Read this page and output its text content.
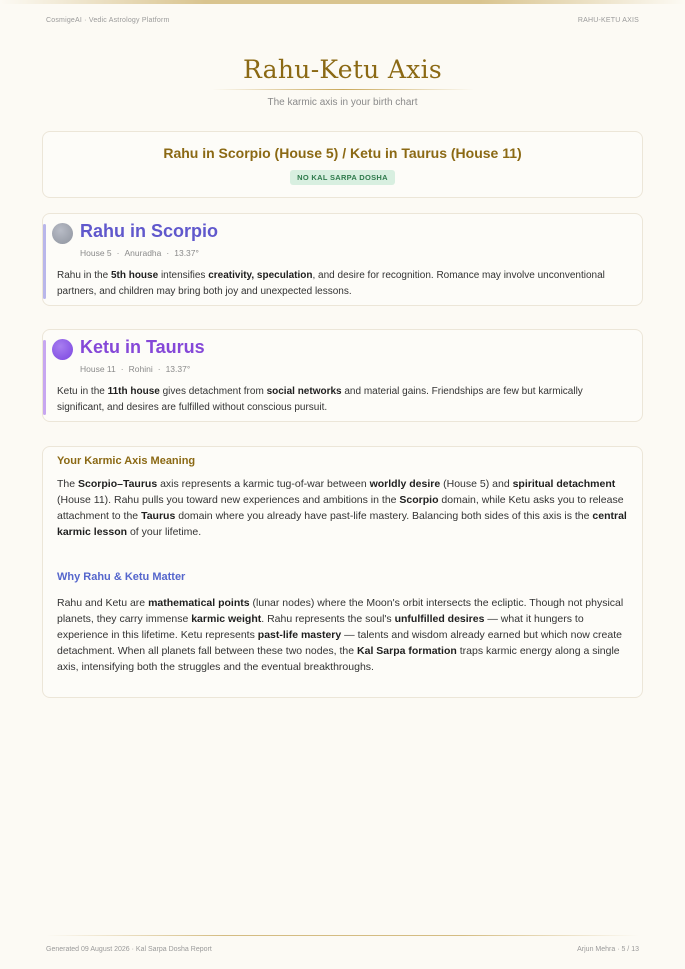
CosmigeAI · Vedic Astrology Platform	RAHU-KETU AXIS
Rahu-Ketu Axis
The karmic axis in your birth chart
Rahu in Scorpio (House 5) / Ketu in Taurus (House 11)
NO KAL SARPA DOSHA
Rahu in Scorpio
House 5 · Anuradha · 13.37°
Rahu in the 5th house intensifies creativity, speculation, and desire for recognition. Romance may involve unconventional partners, and children may bring both joy and unexpected lessons.
Ketu in Taurus
House 11 · Rohini · 13.37°
Ketu in the 11th house gives detachment from social networks and material gains. Friendships are few but karmically significant, and desires are fulfilled without conscious pursuit.
Your Karmic Axis Meaning
The Scorpio–Taurus axis represents a karmic tug-of-war between worldly desire (House 5) and spiritual detachment (House 11). Rahu pulls you toward new experiences and ambitions in the Scorpio domain, while Ketu asks you to release attachment to the Taurus domain where you already have past-life mastery. Balancing both sides of this axis is the central karmic lesson of your lifetime.
Why Rahu & Ketu Matter
Rahu and Ketu are mathematical points (lunar nodes) where the Moon's orbit intersects the ecliptic. Though not physical planets, they carry immense karmic weight. Rahu represents the soul's unfulfilled desires — what it hungers to experience in this lifetime. Ketu represents past-life mastery — talents and wisdom already earned but which now create detachment. When all planets fall between these two nodes, the Kal Sarpa formation traps karmic energy along a single axis, intensifying both the struggles and the eventual breakthroughs.
Generated 09 August 2026 · Kal Sarpa Dosha Report	Arjun Mehra · 5 / 13
